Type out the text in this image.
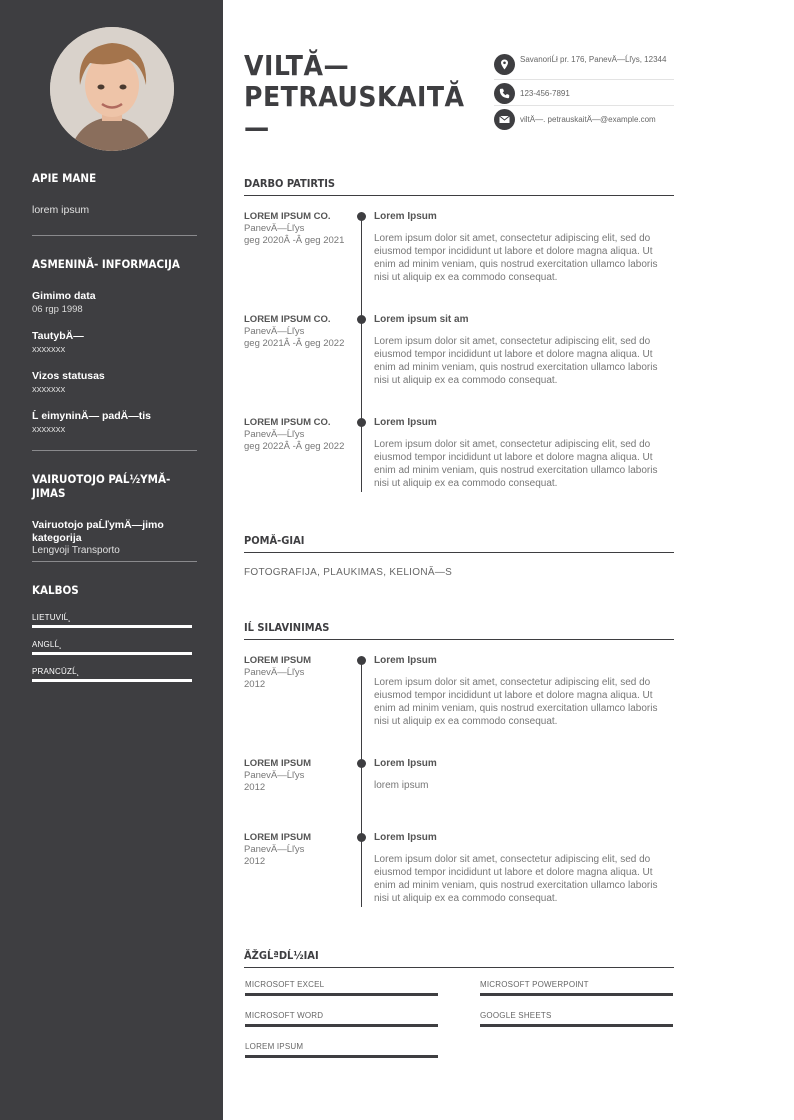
APIE MANE
lorem ipsum
ASMENINĂ- INFORMACIJA
Gimimo data
06 rgp 1998
TautybÄ—
xxxxxxx
Vizos statusas
xxxxxxx
Ĺ eimyninÄ— padÄ—tis
xxxxxxx
VAIRUOTOJO PAĹ½YMĂ-JIMAS
Vairuotojo paĹľymÄ—jimo kategorija
Lengvoji Transporto
KALBOS
LIETUVIĹ˛
ANGLĹ˛
PRANCŪZĹ˛
VILTĂ— PETRAUSKAITĂ—
SavanoriĹł pr. 176, PanevÄ—Ĺľys, 12344
123-456-7891
viltÄ—. petrauskaitÄ—@example.com
DARBO PATIRTIS
LOREM IPSUM CO.
PanevÄ—Ĺľys
geg 2020Â -Â geg 2021
Lorem Ipsum
Lorem ipsum dolor sit amet, consectetur adipiscing elit, sed do eiusmod tempor incididunt ut labore et dolore magna aliqua. Ut enim ad minim veniam, quis nostrud exercitation ullamco laboris nisi ut aliquip ex ea commodo consequat.
LOREM IPSUM CO.
PanevÄ—Ĺľys
geg 2021Â -Â geg 2022
Lorem ipsum sit am
Lorem ipsum dolor sit amet, consectetur adipiscing elit, sed do eiusmod tempor incididunt ut labore et dolore magna aliqua. Ut enim ad minim veniam, quis nostrud exercitation ullamco laboris nisi ut aliquip ex ea commodo consequat.
LOREM IPSUM CO.
PanevÄ—Ĺľys
geg 2022Â -Â geg 2022
Lorem Ipsum
Lorem ipsum dolor sit amet, consectetur adipiscing elit, sed do eiusmod tempor incididunt ut labore et dolore magna aliqua. Ut enim ad minim veniam, quis nostrud exercitation ullamco laboris nisi ut aliquip ex ea commodo consequat.
POMĂ-GIAI
FOTOGRAFIJA, PLAUKIMAS, KELIONĂ—S
IĹ SILAVINIMAS
LOREM IPSUM
PanevÄ—Ĺľys
2012
Lorem Ipsum
Lorem ipsum dolor sit amet, consectetur adipiscing elit, sed do eiusmod tempor incididunt ut labore et dolore magna aliqua. Ut enim ad minim veniam, quis nostrud exercitation ullamco laboris nisi ut aliquip ex ea commodo consequat.
LOREM IPSUM
PanevÄ—Ĺľys
2012
Lorem Ipsum
lorem ipsum
LOREM IPSUM
PanevÄ—Ĺľys
2012
Lorem Ipsum
Lorem ipsum dolor sit amet, consectetur adipiscing elit, sed do eiusmod tempor incididunt ut labore et dolore magna aliqua. Ut enim ad minim veniam, quis nostrud exercitation ullamco laboris nisi ut aliquip ex ea commodo consequat.
ĂŽGĹªDĹ½IAI
MICROSOFT EXCEL	MICROSOFT POWERPOINT
MICROSOFT WORD	GOOGLE SHEETS
LOREM IPSUM
